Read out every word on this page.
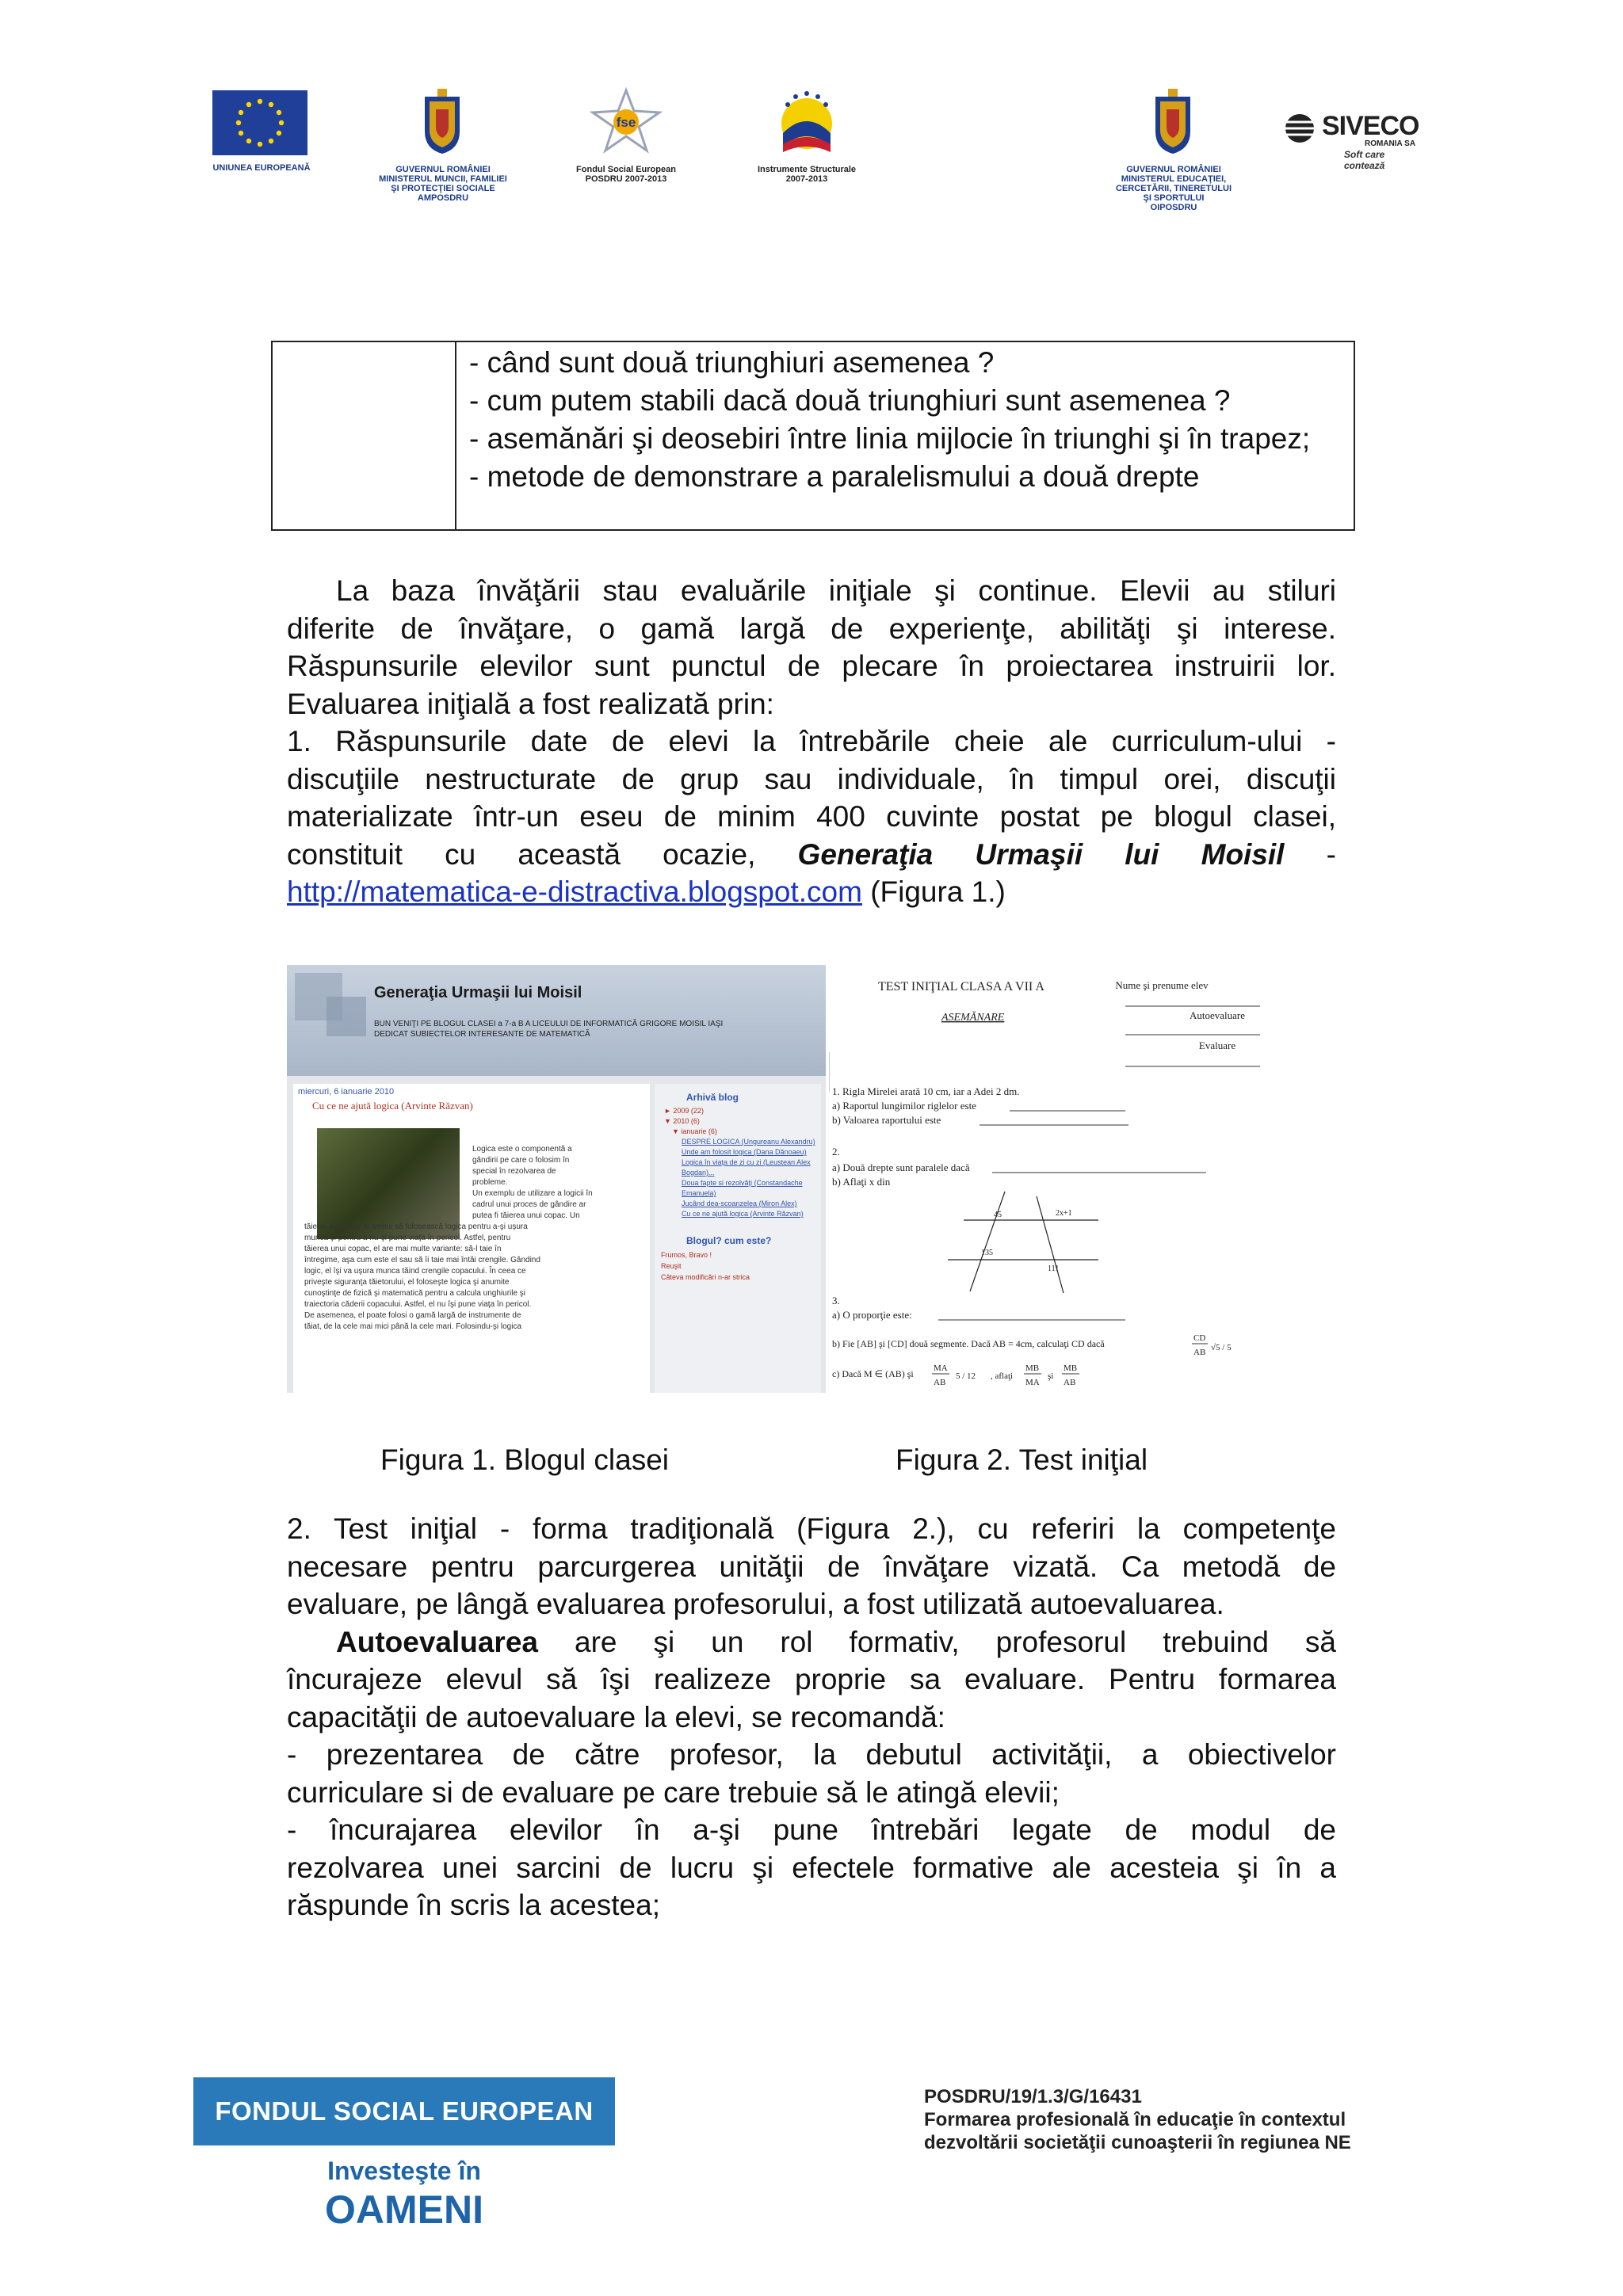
UNIUNEA EUROPEANĂ	GUVERNUL ROMÂNIEI
MINISTERUL MUNCII, FAMILIEI
ŞI PROTECŢIEI SOCIALE
AMPOSDRU
fse
Fondul Social European
POSDRU 2007-2013
Instrumente Structurale
2007-2013
GUVERNUL ROMÂNIEI
MINISTERUL EDUCAŢIEI,
CERCETĂRII, TINERETULUI
ŞI SPORTULUI
OIPOSDRU
SIVECO
ROMANIA SA
Soft care contează

- când sunt două triunghiuri asemenea ?
- cum putem stabili dacă două triunghiuri sunt asemenea ?
- asemănări şi deosebiri între linia mijlocie în triunghi şi în trapez;
- metode de demonstrare a paralelismului a două drepte
La baza învăţării stau evaluările iniţiale şi continue. Elevii au stiluri
diferite de învăţare, o gamă largă de experienţe, abilităţi şi interese.
Răspunsurile elevilor sunt punctul de plecare în proiectarea instruirii lor.
Evaluarea iniţială a fost realizată prin:
1. Răspunsurile date de elevi la întrebările cheie ale curriculum-ului -
discuţiile nestructurate de grup sau individuale, în timpul orei, discuţii
materializate într-un eseu de minim 400 cuvinte postat pe blogul clasei,
constituit cu această ocazie, Generaţia Urmaşii lui Moisil -
http://matematica-e-distractiva.blogspot.com (Figura 1.)
Generaţia Urmaşii lui Moisil
BUN VENIŢI PE BLOGUL CLASEI a 7-a B A LICEULUI DE INFORMATICĂ GRIGORE MOISIL IAŞI
DEDICAT SUBIECTELOR INTERESANTE DE MATEMATICĂ
miercuri, 6 ianuarie 2010
Cu ce ne ajută logica (Arvinte Răzvan)
Logica este o componentă a
gândirii pe care o folosim în
special în rezolvarea de
probleme.
Un exemplu de utilizare a logicii în
cadrul unui proces de gândire ar
putea fi tăierea unui copac. Un
tăietor de lemne ar trebui să folosească logica pentru a-şi ușura
munca şi pentru a nu-şi pune viaţa în pericol. Astfel, pentru
tăierea unui copac, el are mai multe variante: să-l taie în
întregime, aşa cum este el sau să îi taie mai întâi crengile. Gândind
logic, el îşi va uşura munca tăind crengile copacului. În ceea ce
priveşte siguranţa tăietorului, el foloseşte logica şi anumite
cunoştinţe de fizică şi matematică pentru a calcula unghiurile şi
traiectoria căderii copacului. Astfel, el nu îşi pune viaţa în pericol.
De asemenea, el poate folosi o gamă largă de instrumente de
tăiat, de la cele mai mici până la cele mari. Folosindu-şi logica
Arhivă blog
► 2009 (22)
▼ 2010 (6)
▼ ianuarie (6)
DESPRE LOGICA (Ungureanu Alexandru)
Unde am folosit logica (Dana Dănoaeu)
Logica în viaţa de zi cu zi (Leustean Alex Bogdan)...
Doua fapte si rezolvăţi (Constandache Emanuela)
Jucând dea-scoanzelea (Miron Alex)
Cu ce ne ajută logica (Arvinte Răzvan)
Blogul? cum este?
Frumos, Bravo !
Reuşit
Câteva modificări n-ar strica
TEST INIŢIAL CLASA A VII A
ASEMĂNARE
Nume şi prenume elev
Autoevaluare
Evaluare
1. Rigla Mirelei arată 10 cm, iar a Adei 2 dm.
a) Raportul lungimilor riglelor este
b) Valoarea raportului este
2.
a) Două drepte sunt paralele dacă
b) Aflaţi x din
45	2x+1
135
111
3.
a) O proporţie este:
b) Fie [AB] şi [CD] două segmente. Dacă AB = 4cm, calculaţi CD dacă	CD
AB √5 / 5
c) Dacă M ∈ (AB) şi MA
AB
5 / 12 , aflaţi
MB
MA
şi
MB
AB
Figura 1. Blogul clasei	Figura 2. Test iniţial
2. Test iniţial - forma tradiţională (Figura 2.), cu referiri la competenţe
necesare pentru parcurgerea unităţii de învăţare vizată. Ca metodă de
evaluare, pe lângă evaluarea profesorului, a fost utilizată autoevaluarea.
Autoevaluarea are şi un rol formativ, profesorul trebuind să
încurajeze elevul să îşi realizeze proprie sa evaluare. Pentru formarea
capacităţii de autoevaluare la elevi, se recomandă:
- prezentarea de către profesor, la debutul activităţii, a obiectivelor
curriculare si de evaluare pe care trebuie să le atingă elevii;
- încurajarea elevilor în a-şi pune întrebări legate de modul de
rezolvarea unei sarcini de lucru şi efectele formative ale acesteia şi în a
răspunde în scris la acestea;
FONDUL SOCIAL EUROPEAN
Investeşte în
OAMENI
POSDRU/19/1.3/G/16431
Formarea profesională în educaţie în contextul
dezvoltării societăţii cunoaşterii în regiunea NE
